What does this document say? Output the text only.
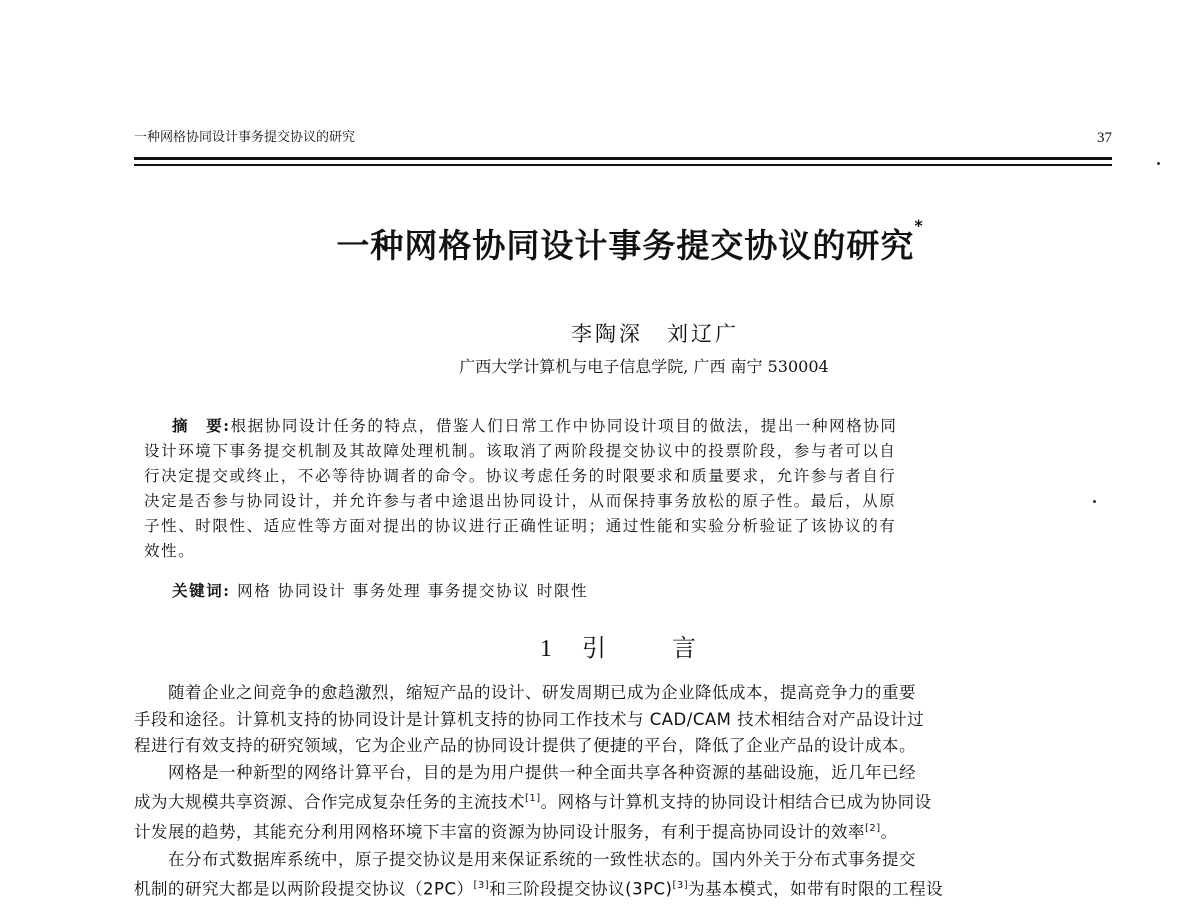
一种网格协同设计事务提交协议的研究	37
一种网格协同设计事务提交协议的研究*
李陶深　刘辽广
广西大学计算机与电子信息学院, 广西 南宁 530004
摘　要:根据协同设计任务的特点，借鉴人们日常工作中协同设计项目的做法，提出一种网格协同
设计环境下事务提交机制及其故障处理机制。该取消了两阶段提交协议中的投票阶段，参与者可以自
行决定提交或终止，不必等待协调者的命令。协议考虑任务的时限要求和质量要求，允许参与者自行
决定是否参与协同设计，并允许参与者中途退出协同设计，从而保持事务放松的原子性。最后，从原
子性、时限性、适应性等方面对提出的协议进行正确性证明；通过性能和实验分析验证了该协议的有
效性。
关键词: 网格 协同设计 事务处理 事务提交协议 时限性
1 引	言
随着企业之间竞争的愈趋激烈，缩短产品的设计、研发周期已成为企业降低成本，提高竞争力的重要
手段和途径。计算机支持的协同设计是计算机支持的协同工作技术与 CAD/CAM 技术相结合对产品设计过
程进行有效支持的研究领域，它为企业产品的协同设计提供了便捷的平台，降低了企业产品的设计成本。
网格是一种新型的网络计算平台，目的是为用户提供一种全面共享各种资源的基础设施，近几年已经
成为大规模共享资源、合作完成复杂任务的主流技术[1]。网格与计算机支持的协同设计相结合已成为协同设
计发展的趋势，其能充分利用网格环境下丰富的资源为协同设计服务，有利于提高协同设计的效率[2]。
在分布式数据库系统中，原子提交协议是用来保证系统的一致性状态的。国内外关于分布式事务提交
机制的研究大都是以两阶段提交协议（2PC）[3]和三阶段提交协议(3PC)[3]为基本模式，如带有时限的工程设
